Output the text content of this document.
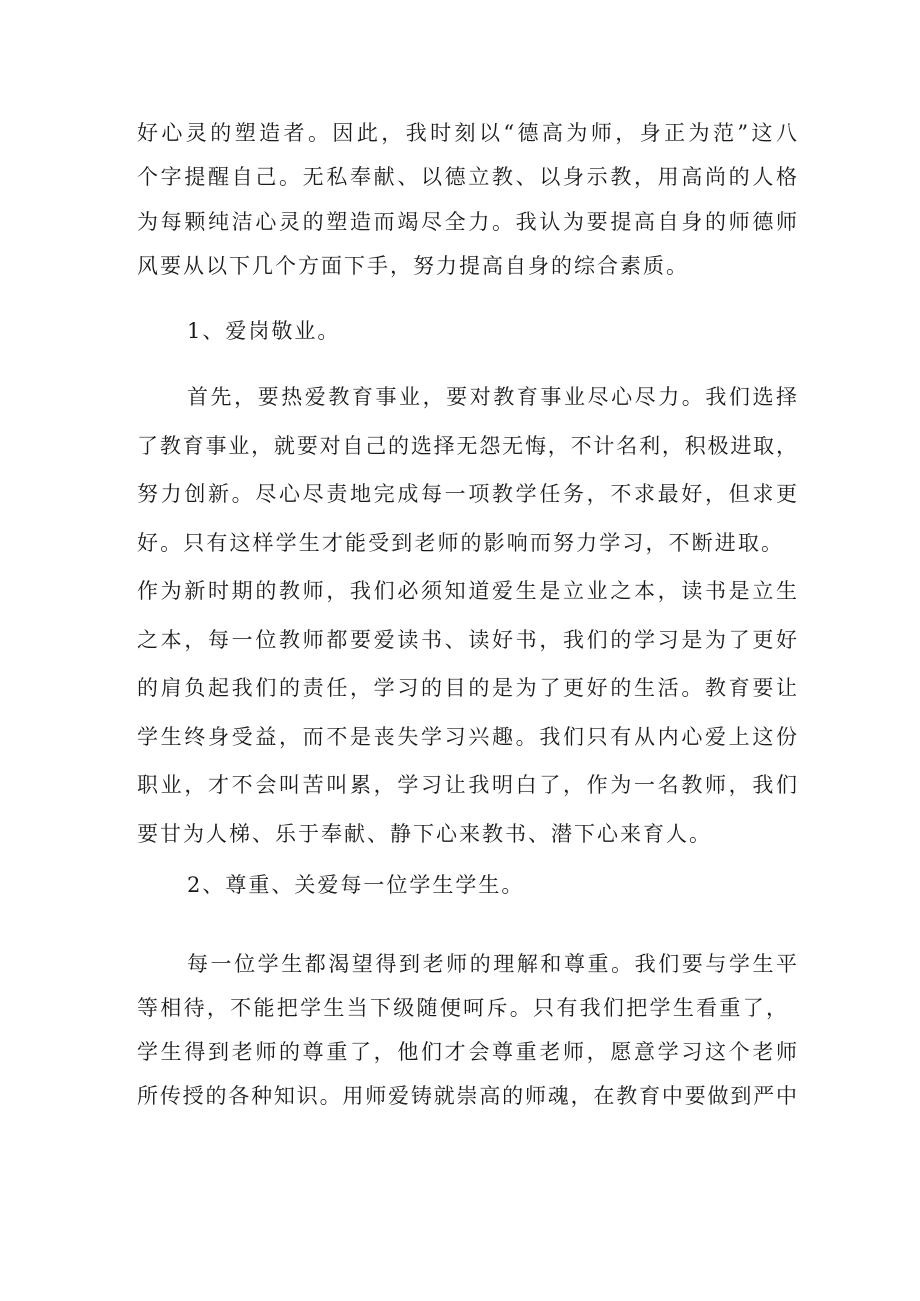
好心灵的塑造者。因此，我时刻以“德高为师，身正为范”这八
个字提醒自己。无私奉献、以德立教、以身示教，用高尚的人格
为每颗纯洁心灵的塑造而竭尽全力。我认为要提高自身的师德师
风要从以下几个方面下手，努力提高自身的综合素质。
1、爱岗敬业。
首先，要热爱教育事业，要对教育事业尽心尽力。我们选择
了教育事业，就要对自己的选择无怨无悔，不计名利，积极进取，
努力创新。尽心尽责地完成每一项教学任务，不求最好，但求更
好。只有这样学生才能受到老师的影响而努力学习，不断进取。
作为新时期的教师，我们必须知道爱生是立业之本，读书是立生
之本，每一位教师都要爱读书、读好书，我们的学习是为了更好
的肩负起我们的责任，学习的目的是为了更好的生活。教育要让
学生终身受益，而不是丧失学习兴趣。我们只有从内心爱上这份
职业，才不会叫苦叫累，学习让我明白了，作为一名教师，我们
要甘为人梯、乐于奉献、静下心来教书、潜下心来育人。
2、尊重、关爱每一位学生学生。
每一位学生都渴望得到老师的理解和尊重。我们要与学生平
等相待，不能把学生当下级随便呵斥。只有我们把学生看重了，
学生得到老师的尊重了，他们才会尊重老师，愿意学习这个老师
所传授的各种知识。用师爱铸就崇高的师魂，在教育中要做到严中
